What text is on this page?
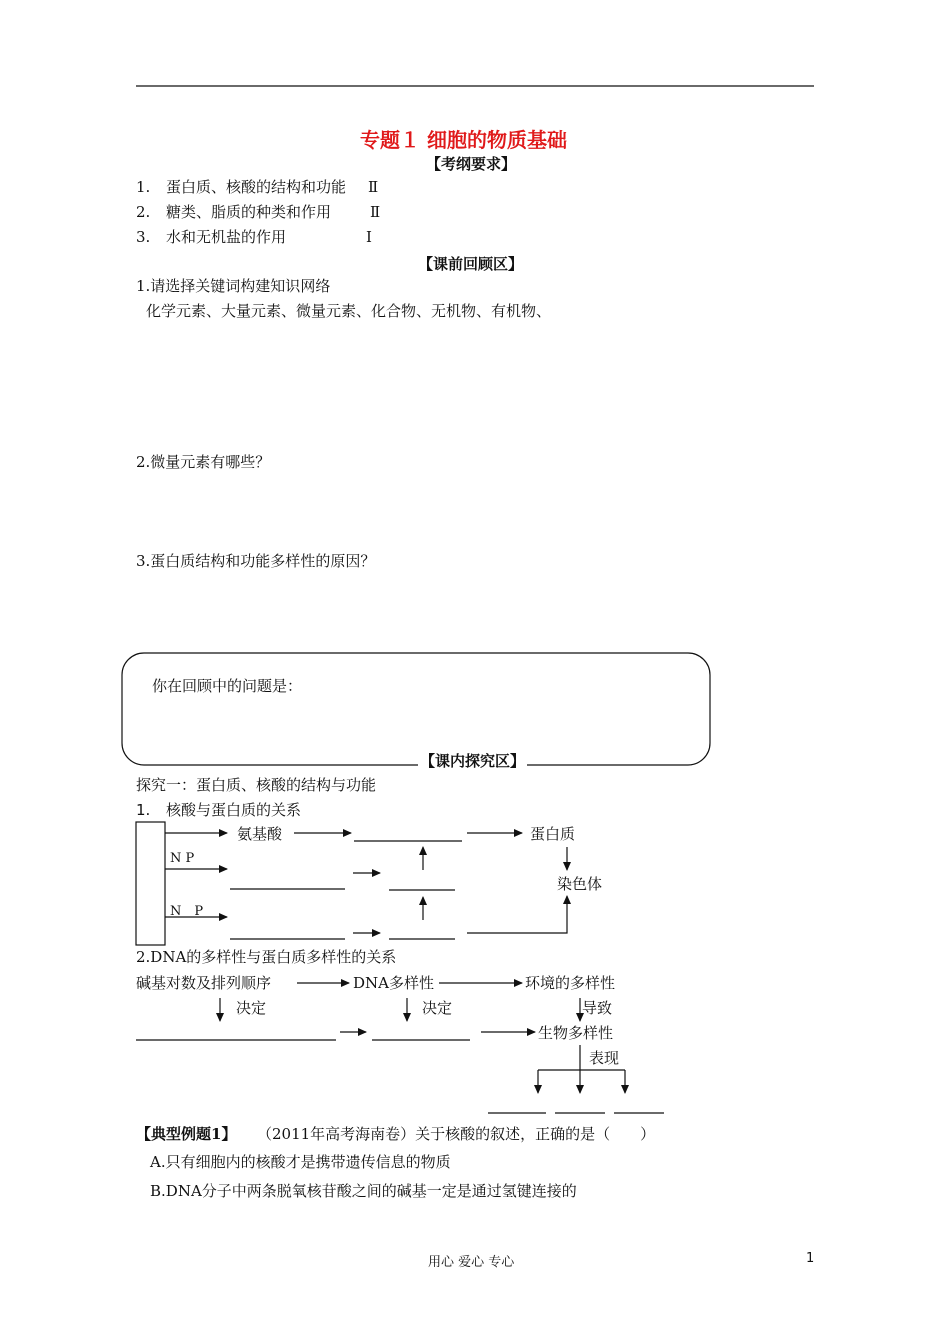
专题１ 细胞的物质基础
【考纲要求】
1. 蛋白质、核酸的结构和功能 Ⅱ
2. 糖类、脂质的种类和作用	Ⅱ
3. 水和无机盐的作用	Ⅰ
【课前回顾区】
1.请选择关键词构建知识网络
化学元素、大量元素、微量元素、化合物、无机物、有机物、
2.微量元素有哪些？
3.蛋白质结构和功能多样性的原因？
你在回顾中的问题是：
【课内探究区】
探究一：蛋白质、核酸的结构与功能
1. 核酸与蛋白质的关系
氨基酸	蛋白质
N P
染色体
N　P
2.DNA的多样性与蛋白质多样性的关系
碱基对数及排列顺序	DNA多样性	环境的多样性
决定	决定	导致
生物多样性
表现
【典型例题1】 （2011年高考海南卷）关于核酸的叙述，正确的是（　　）
A.只有细胞内的核酸才是携带遗传信息的物质
B.DNA分子中两条脱氧核苷酸之间的碱基一定是通过氢键连接的
用心 爱心 专心	1
